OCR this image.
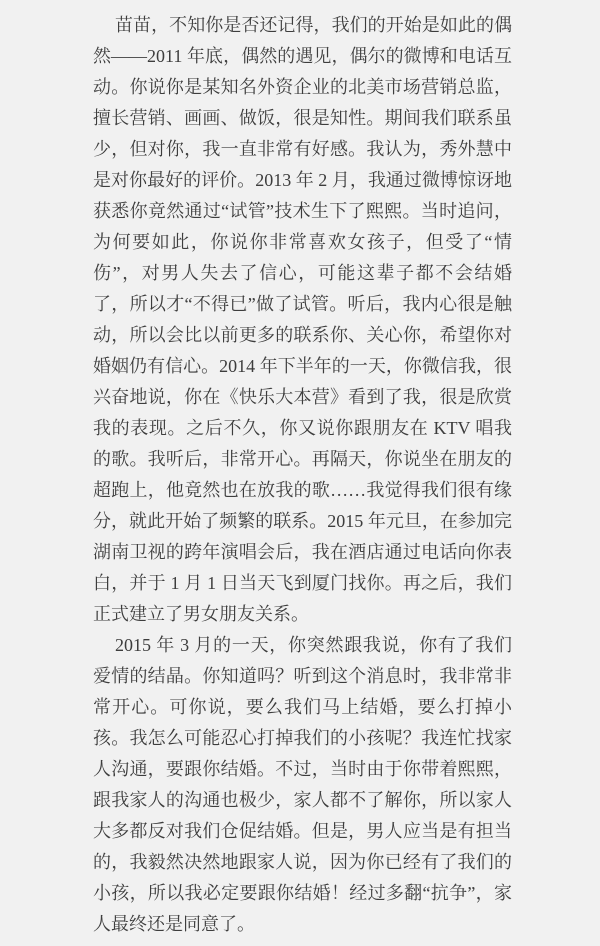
苗苗，不知你是否还记得，我们的开始是如此的偶然——2011 年底，偶然的遇见，偶尔的微博和电话互动。你说你是某知名外资企业的北美市场营销总监，擅长营销、画画、做饭，很是知性。期间我们联系虽少，但对你，我一直非常有好感。我认为，秀外慧中是对你最好的评价。2013 年 2 月，我通过微博惊讶地获悉你竟然通过“试管”技术生下了熙熙。当时追问，为何要如此，你说你非常喜欢女孩子，但受了“情伤”，对男人失去了信心，可能这辈子都不会结婚了，所以才“不得已”做了试管。听后，我内心很是触动，所以会比以前更多的联系你、关心你，希望你对婚姻仍有信心。2014 年下半年的一天，你微信我，很兴奋地说，你在《快乐大本营》看到了我，很是欣赏我的表现。之后不久，你又说你跟朋友在 KTV 唱我的歌。我听后，非常开心。再隔天，你说坐在朋友的超跑上，他竟然也在放我的歌……我觉得我们很有缘分，就此开始了频繁的联系。2015 年元旦，在参加完湖南卫视的跨年演唱会后，我在酒店通过电话向你表白，并于 1 月 1 日当天飞到厦门找你。再之后，我们正式建立了男女朋友关系。

2015 年 3 月的一天，你突然跟我说，你有了我们爱情的结晶。你知道吗？听到这个消息时，我非常非常开心。可你说，要么我们马上结婚，要么打掉小孩。我怎么可能忍心打掉我们的小孩呢？我连忙找家人沟通，要跟你结婚。不过，当时由于你带着熙熙，跟我家人的沟通也极少，家人都不了解你，所以家人大多都反对我们仓促结婚。但是，男人应当是有担当的，我毅然决然地跟家人说，因为你已经有了我们的小孩，所以我必定要跟你结婚！经过多翻“抗争”，家人最终还是同意了。
